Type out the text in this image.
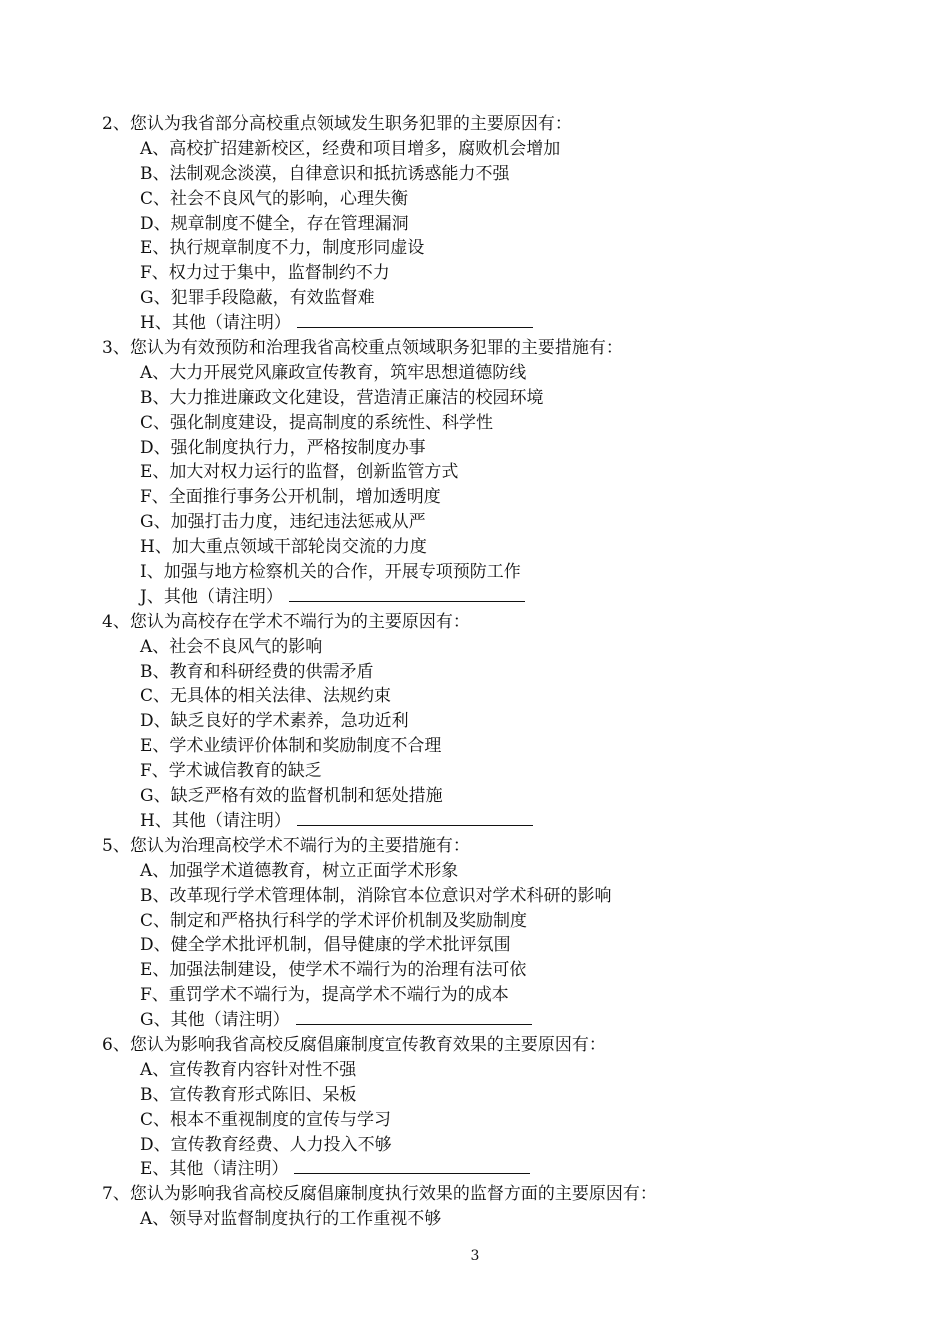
2、您认为我省部分高校重点领域发生职务犯罪的主要原因有：
A、高校扩招建新校区，经费和项目增多，腐败机会增加
B、法制观念淡漠，自律意识和抵抗诱惑能力不强
C、社会不良风气的影响，心理失衡
D、规章制度不健全，存在管理漏洞
E、执行规章制度不力，制度形同虚设
F、权力过于集中，监督制约不力
G、犯罪手段隐蔽，有效监督难
H、其他（请注明）
3、您认为有效预防和治理我省高校重点领域职务犯罪的主要措施有：
A、大力开展党风廉政宣传教育，筑牢思想道德防线
B、大力推进廉政文化建设，营造清正廉洁的校园环境
C、强化制度建设，提高制度的系统性、科学性
D、强化制度执行力，严格按制度办事
E、加大对权力运行的监督，创新监管方式
F、全面推行事务公开机制，增加透明度
G、加强打击力度，违纪违法惩戒从严
H、加大重点领域干部轮岗交流的力度
I、加强与地方检察机关的合作，开展专项预防工作
J、其他（请注明）
4、您认为高校存在学术不端行为的主要原因有：
A、社会不良风气的影响
B、教育和科研经费的供需矛盾
C、无具体的相关法律、法规约束
D、缺乏良好的学术素养，急功近利
E、学术业绩评价体制和奖励制度不合理
F、学术诚信教育的缺乏
G、缺乏严格有效的监督机制和惩处措施
H、其他（请注明）
5、您认为治理高校学术不端行为的主要措施有：
A、加强学术道德教育，树立正面学术形象
B、改革现行学术管理体制，消除官本位意识对学术科研的影响
C、制定和严格执行科学的学术评价机制及奖励制度
D、健全学术批评机制，倡导健康的学术批评氛围
E、加强法制建设，使学术不端行为的治理有法可依
F、重罚学术不端行为，提高学术不端行为的成本
G、其他（请注明）
6、您认为影响我省高校反腐倡廉制度宣传教育效果的主要原因有：
A、宣传教育内容针对性不强
B、宣传教育形式陈旧、呆板
C、根本不重视制度的宣传与学习
D、宣传教育经费、人力投入不够
E、其他（请注明）
7、您认为影响我省高校反腐倡廉制度执行效果的监督方面的主要原因有：
A、领导对监督制度执行的工作重视不够
3
